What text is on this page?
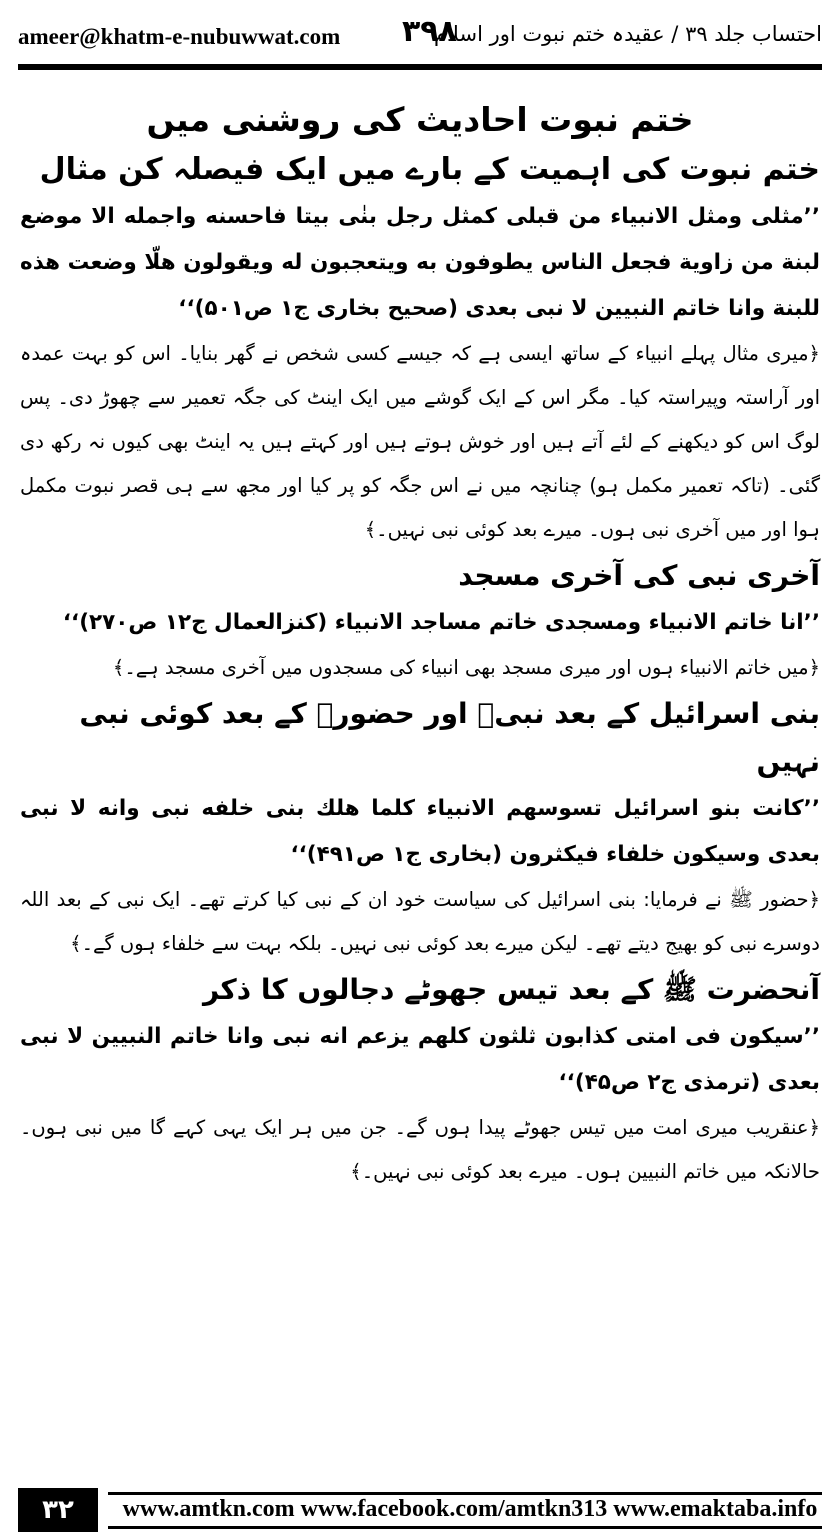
ameer@khatm-e-nubuwwat.com ۳۹۸
احتساب جلد ۳۹ / عقیدہ ختم نبوت اور اسلام
ختم نبوت احادیث کی روشنی میں
ختم نبوت کی اہمیت کے بارے میں ایک فیصلہ کن مثال

’’مثلی ومثل الانبیاء من قبلی کمثل رجل بنٰی بیتا فاحسنه واجمله الا موضع لبنة من زاویة فجعل الناس یطوفون به ویتعجبون له ویقولون هلّا وضعت هذه للبنة وانا خاتم النبیین لا نبی بعدی (صحیح بخاری ج۱ ص۵۰۱)‘‘

﴿میری مثال پہلے انبیاء کے ساتھ ایسی ہے کہ جیسے کسی شخص نے گھر بنایا۔ اس کو بہت عمدہ اور آراستہ وپیراستہ کیا۔ مگر اس کے ایک گوشے میں ایک اینٹ کی جگہ تعمیر سے چھوڑ دی۔ پس لوگ اس کو دیکھنے کے لئے آتے ہیں اور خوش ہوتے ہیں اور کہتے ہیں یہ اینٹ بھی کیوں نہ رکھ دی گئی۔ (تاکہ تعمیر مکمل ہو) چنانچہ میں نے اس جگہ کو پر کیا اور مجھ سے ہی قصر نبوت مکمل ہوا اور میں آخری نبی ہوں۔ میرے بعد کوئی نبی نہیں۔﴾

آخری نبی کی آخری مسجد

’’انا خاتم الانبیاء ومسجدی خاتم مساجد الانبیاء (کنزالعمال ج۱۲ ص۲۷۰)‘‘

﴿میں خاتم الانبیاء ہوں اور میری مسجد بھی انبیاء کی مسجدوں میں آخری مسجد ہے۔﴾

بنی اسرائیل کے بعد نبیؑ اور حضورؐ کے بعد کوئی نبی نہیں

’’کانت بنو اسرائیل تسوسهم الانبیاء کلما هلك بنی خلفه نبی وانه لا نبی بعدی وسیکون خلفاء فیکثرون (بخاری ج۱ ص۴۹۱)‘‘

﴿حضور ﷺ نے فرمایا: بنی اسرائیل کی سیاست خود ان کے نبی کیا کرتے تھے۔ ایک نبی کے بعد اللہ دوسرے نبی کو بھیج دیتے تھے۔ لیکن میرے بعد کوئی نبی نہیں۔ بلکہ بہت سے خلفاء ہوں گے۔﴾

آنحضرت ﷺ کے بعد تیس جھوٹے دجالوں کا ذکر

’’سیکون فی امتی کذابون ثلثون کلهم یزعم انه نبی وانا خاتم النبیین لا نبی بعدی (ترمذی ج۲ ص۴۵)‘‘

﴿عنقریب میری امت میں تیس جھوٹے پیدا ہوں گے۔ جن میں ہر ایک یہی کہے گا میں نبی ہوں۔ حالانکہ میں خاتم النبیین ہوں۔ میرے بعد کوئی نبی نہیں۔﴾

۳۲	www.amtkn.com www.facebook.com/amtkn313 www.emaktaba.info
